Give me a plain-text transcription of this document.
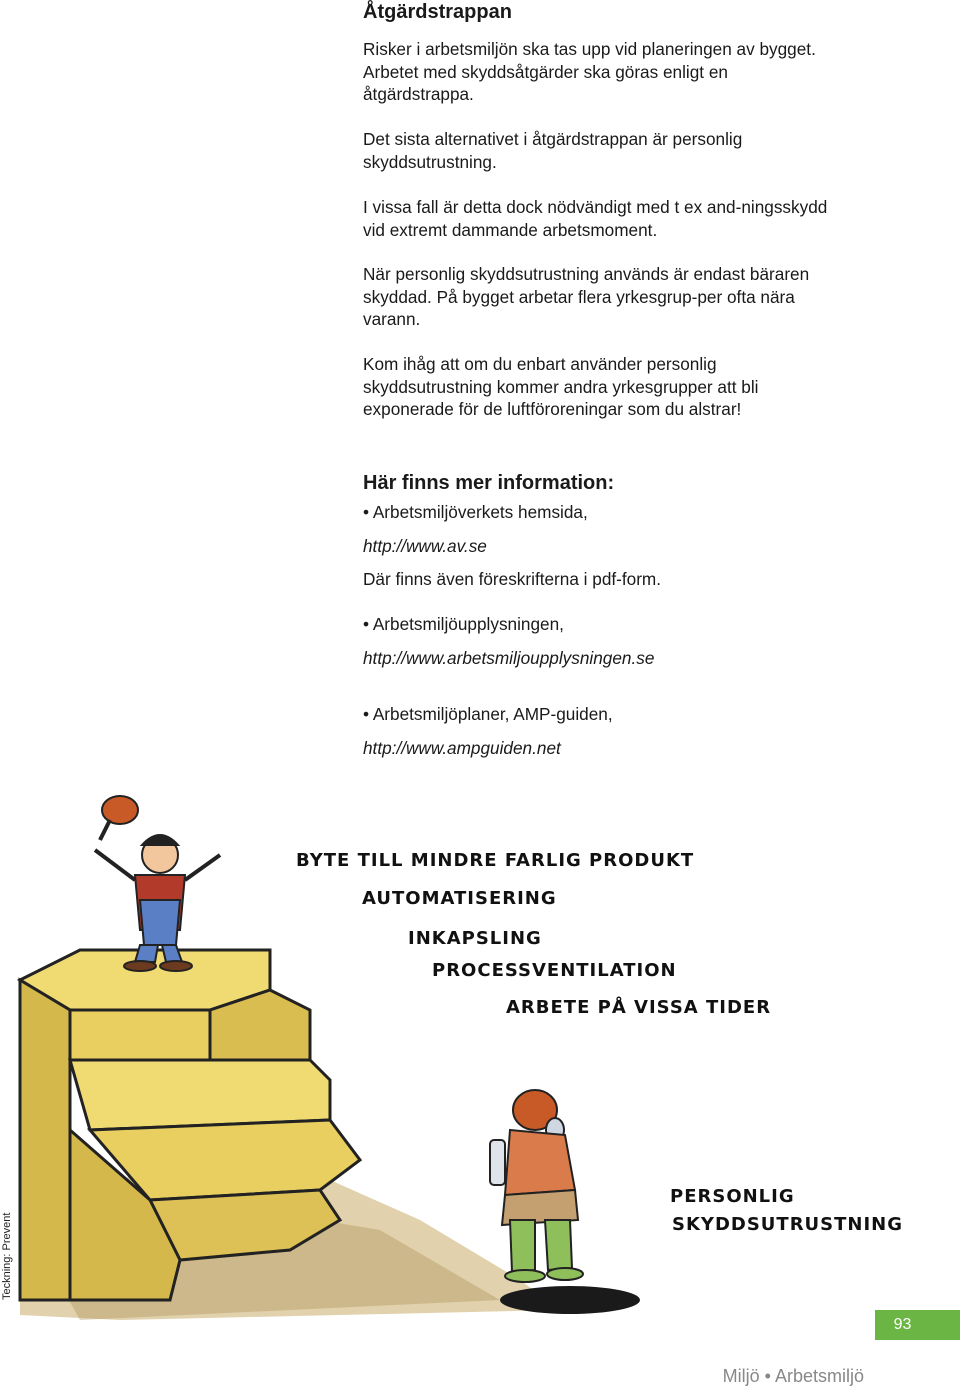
Åtgärdstrappan

Risker i arbetsmiljön ska tas upp vid planeringen av bygget. Arbetet med skyddsåtgärder ska göras enligt en åtgärdstrappa.

Det sista alternativet i åtgärdstrappan är personlig skyddsutrustning.

I vissa fall är detta dock nödvändigt med t ex and-ningsskydd vid extremt dammande arbetsmoment.

När personlig skyddsutrustning används är endast bäraren skyddad. På bygget arbetar flera yrkesgrup-per ofta nära varann.

Kom ihåg att om du enbart använder personlig skyddsutrustning kommer andra yrkesgrupper att bli exponerade för de luftföroreningar som du alstrar!

Här finns mer information:

• Arbetsmiljöverkets hemsida,

http://www.av.se

Där finns även föreskrifterna i pdf-form.

• Arbetsmiljöupplysningen,

http://www.arbetsmiljoupplysningen.se

• Arbetsmiljöplaner, AMP-guiden,

http://www.ampguiden.net

BYTE TILL MINDRE FARLIG PRODUKT
AUTOMATISERING
INKAPSLING
PROCESSVENTILATION
ARBETE PÅ VISSA TIDER
PERSONLIG
SKYDDSUTRUSTNING
Teckning: Prevent
93
Miljö • Arbetsmiljö
